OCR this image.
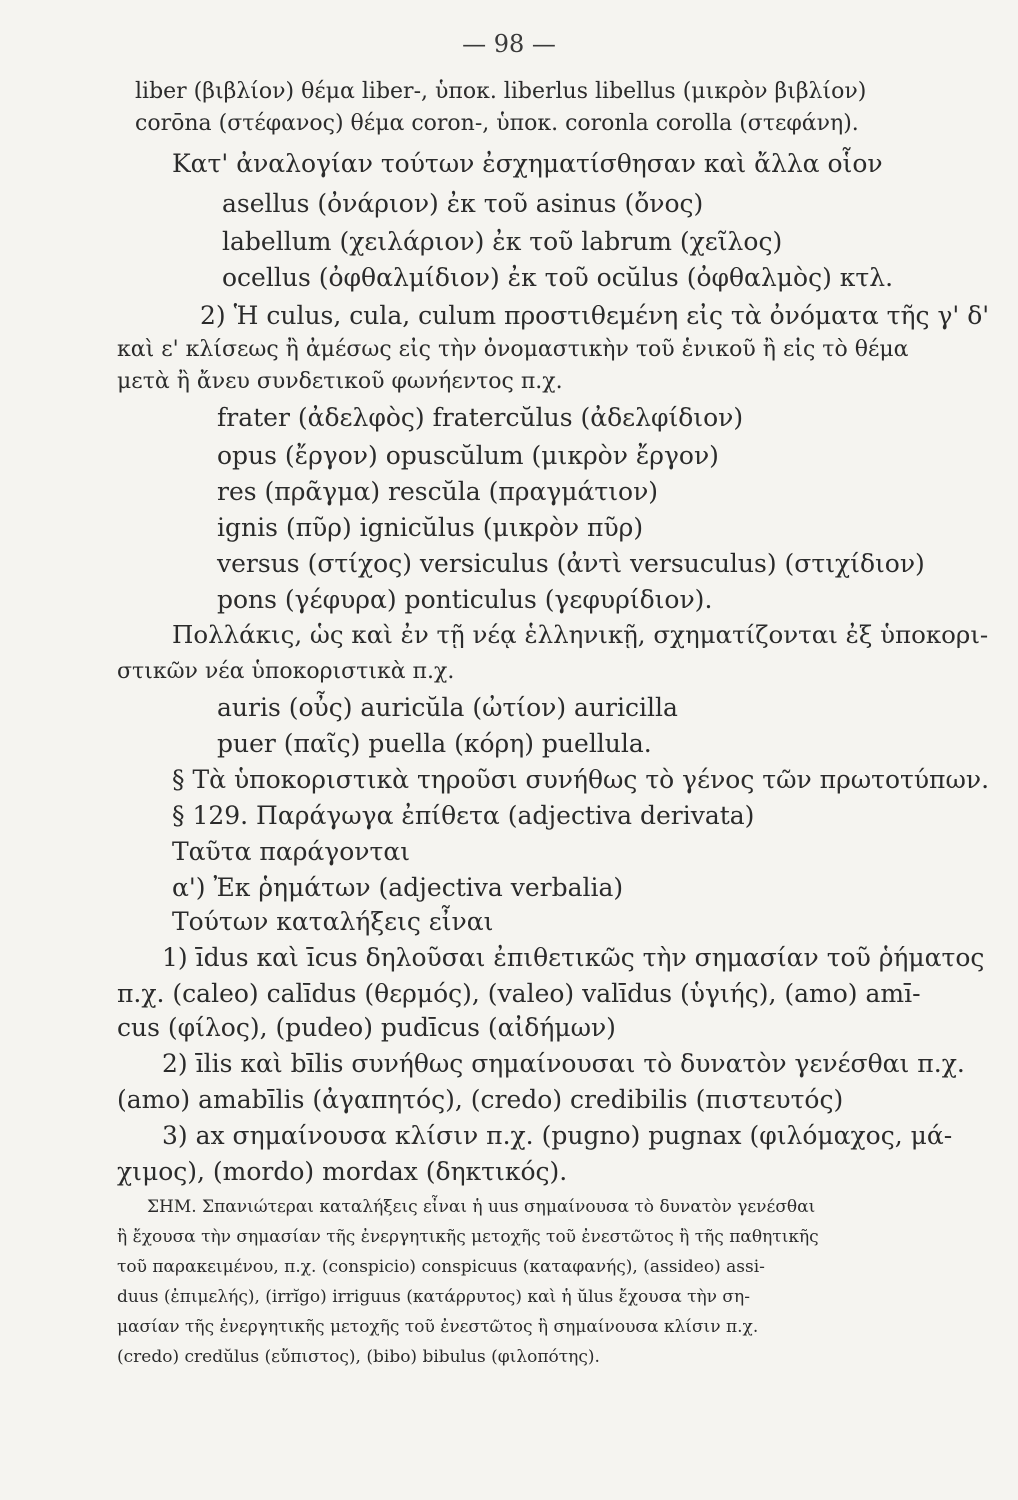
— 98 —
liber (βιβλίον) θέμα liber-, ὑποκ. liberlus libellus (μικρὸν βιβλίον)
corōna (στέφανος) θέμα coron-, ὑποκ. coronla corolla (στεφάνη).
Κατ' ἀναλογίαν τούτων ἐσχηματίσθησαν καὶ ἄλλα οἷον
asellus (ὀνάριον) ἐκ τοῦ asinus (ὄνος)
labellum (χειλάριον) ἐκ τοῦ labrum (χεῖλος)
ocellus (ὀφθαλμίδιον) ἐκ τοῦ ocŭlus (ὀφθαλμὸς) κτλ.
2) Ἡ culus, cula, culum προστιθεμένη εἰς τὰ ὀνόματα τῆς γ' δ'
καὶ ε' κλίσεως ἢ ἀμέσως εἰς τὴν ὀνομαστικὴν τοῦ ἑνικοῦ ἢ εἰς τὸ θέμα
μετὰ ἢ ἄνευ συνδετικοῦ φωνήεντος π.χ.
frater (ἀδελφὸς) fratercŭlus (ἀδελφίδιον)
opus (ἔργον) opuscŭlum (μικρὸν ἔργον)
res (πρᾶγμα) rescŭla (πραγμάτιον)
ignis (πῦρ) ignicŭlus (μικρὸν πῦρ)
versus (στίχος) versiculus (ἀντὶ versuculus) (στιχίδιον)
pons (γέφυρα) ponticulus (γεφυρίδιον).
Πολλάκις, ὡς καὶ ἐν τῇ νέᾳ ἑλληνικῇ, σχηματίζονται ἐξ ὑποκορι-
στικῶν νέα ὑποκοριστικὰ π.χ.
auris (οὖς) auricŭla (ὠτίον) auricilla
puer (παῖς) puella (κόρη) puellula.
§ Τὰ ὑποκοριστικὰ τηροῦσι συνήθως τὸ γένος τῶν πρωτοτύπων.
§ 129. Παράγωγα ἐπίθετα (adjectiva derivata)
Ταῦτα παράγονται
α') Ἐκ ῥημάτων (adjectiva verbalia)
Τούτων καταλήξεις εἶναι
1) īdus καὶ īcus δηλοῦσαι ἐπιθετικῶς τὴν σημασίαν τοῦ ῥήματος
π.χ. (caleo) calīdus (θερμός), (valeo) valīdus (ὑγιής), (amo) amī-
cus (φίλος), (pudeo) pudīcus (αἰδήμων)
2) īlis καὶ bīlis συνήθως σημαίνουσαι τὸ δυνατὸν γενέσθαι π.χ.
(amo) amabīlis (ἀγαπητός), (credo) credibilis (πιστευτός)
3) ax σημαίνουσα κλίσιν π.χ. (pugno) pugnax (φιλόμαχος, μά-
χιμος), (mordo) mordax (δηκτικός).
ΣΗΜ. Σπανιώτεραι καταλήξεις εἶναι ἡ uus σημαίνουσα τὸ δυνατὸν γενέσθαι
ἢ ἔχουσα τὴν σημασίαν τῆς ἐνεργητικῆς μετοχῆς τοῦ ἐνεστῶτος ἢ τῆς παθητικῆς
τοῦ παρακειμένου, π.χ. (conspicio) conspicuus (καταφανής), (assideo) assi-
duus (ἐπιμελής), (irrĭgo) irriguus (κατάρρυτος) καὶ ἡ ŭlus ἔχουσα τὴν ση-
μασίαν τῆς ἐνεργητικῆς μετοχῆς τοῦ ἐνεστῶτος ἢ σημαίνουσα κλίσιν π.χ.
(credo) credŭlus (εὔπιστος), (bibo) bibulus (φιλοπότης).
